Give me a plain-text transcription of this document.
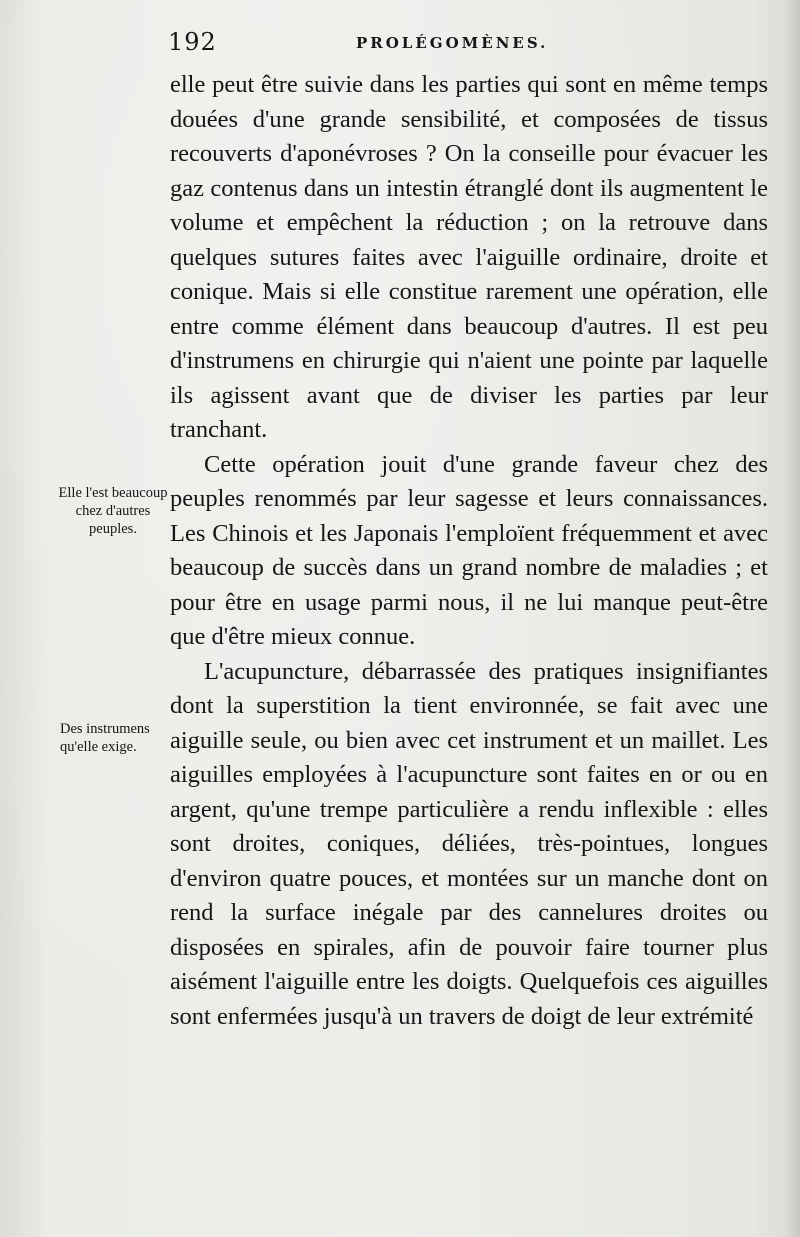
192	PROLÉGOMÈNES.

elle peut être suivie dans les parties qui sont en même temps douées d'une grande sensibilité, et composées de tissus recouverts d'aponévroses ? On la conseille pour évacuer les gaz contenus dans un intestin étranglé dont ils augmentent le volume et empêchent la réduction ; on la retrouve dans quelques sutures faites avec l'aiguille ordinaire, droite et conique. Mais si elle constitue rarement une opération, elle entre comme élément dans beaucoup d'autres. Il est peu d'instrumens en chirurgie qui n'aient une pointe par laquelle ils agissent avant que de diviser les parties par leur tranchant.

Cette opération jouit d'une grande faveur chez des peuples renommés par leur sagesse et leurs connaissances. Les Chinois et les Japonais l'emploïent fréquemment et avec beaucoup de succès dans un grand nombre de maladies ; et pour être en usage parmi nous, il ne lui manque peut-être que d'être mieux connue.

L'acupuncture, débarrassée des pratiques insignifiantes dont la superstition la tient environnée, se fait avec une aiguille seule, ou bien avec cet instrument et un maillet. Les aiguilles employées à l'acupuncture sont faites en or ou en argent, qu'une trempe particulière a rendu inflexible : elles sont droites, coniques, déliées, très-pointues, longues d'environ quatre pouces, et montées sur un manche dont on rend la surface inégale par des cannelures droites ou disposées en spirales, afin de pouvoir faire tourner plus aisément l'aiguille entre les doigts. Quelquefois ces aiguilles sont enfermées jusqu'à un travers de doigt de leur extrémité

Elle l'est beaucoup chez d'autres peuples.
Des instrumens qu'elle exige.
